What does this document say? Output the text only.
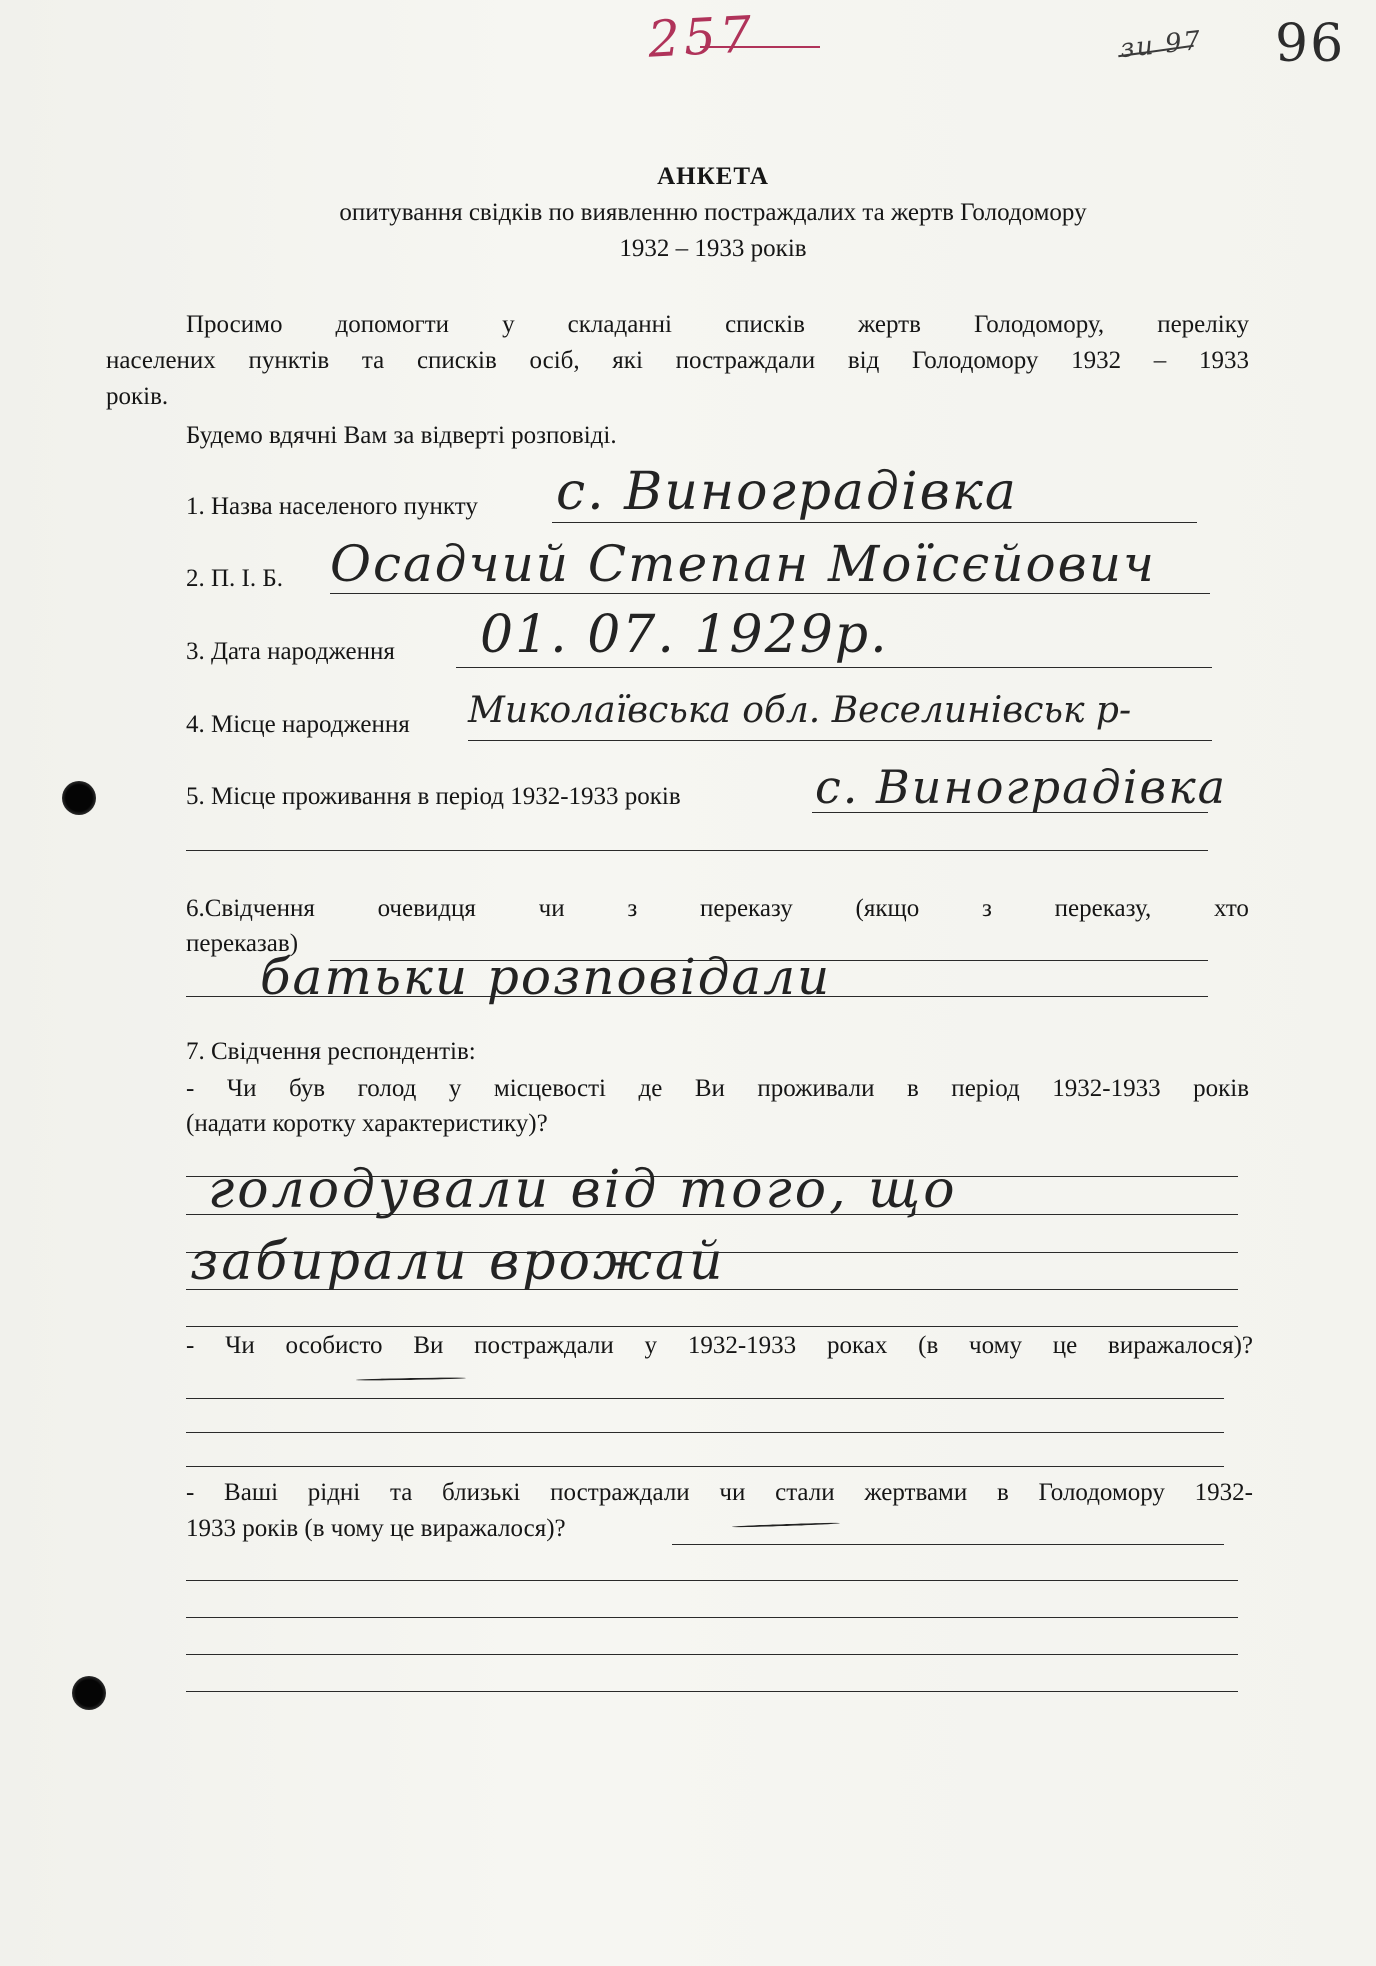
257	зи 97 96
АНКЕТА
опитування свідків по виявленню постраждалих та жертв Голодомору
1932 – 1933 років
Просимо допомогти у складанні списків жертв Голодомору, переліку
населених пунктів та списків осіб, які постраждали від Голодомору 1932 – 1933
років.
Будемо вдячні Вам за відверті розповіді.
1. Назва населеного пункту с. Виноградівка
2. П. І. Б. Осадчий Степан Моїсєйович
3. Дата народження 01. 07. 1929р.
4. Місце народження Миколаївська обл. Веселинівськ р-
5. Місце проживання в період 1932-1933 років	с. Виноградівка
6.Свідчення	очевидця	чи	з	переказу	(якщо	з	переказу,	хто
переказав)
батьки розповідали
7. Свідчення респондентів:
- Чи був голод у місцевості де Ви проживали в період 1932-1933 років
(надати коротку характеристику)?
голодували від того, що
забирали врожай
- Чи особисто Ви постраждали у 1932-1933 роках (в чому це виражалося)?
- Ваші рідні та близькі постраждали чи стали жертвами в Голодомору 1932-
1933 років (в чому це виражалося)?
